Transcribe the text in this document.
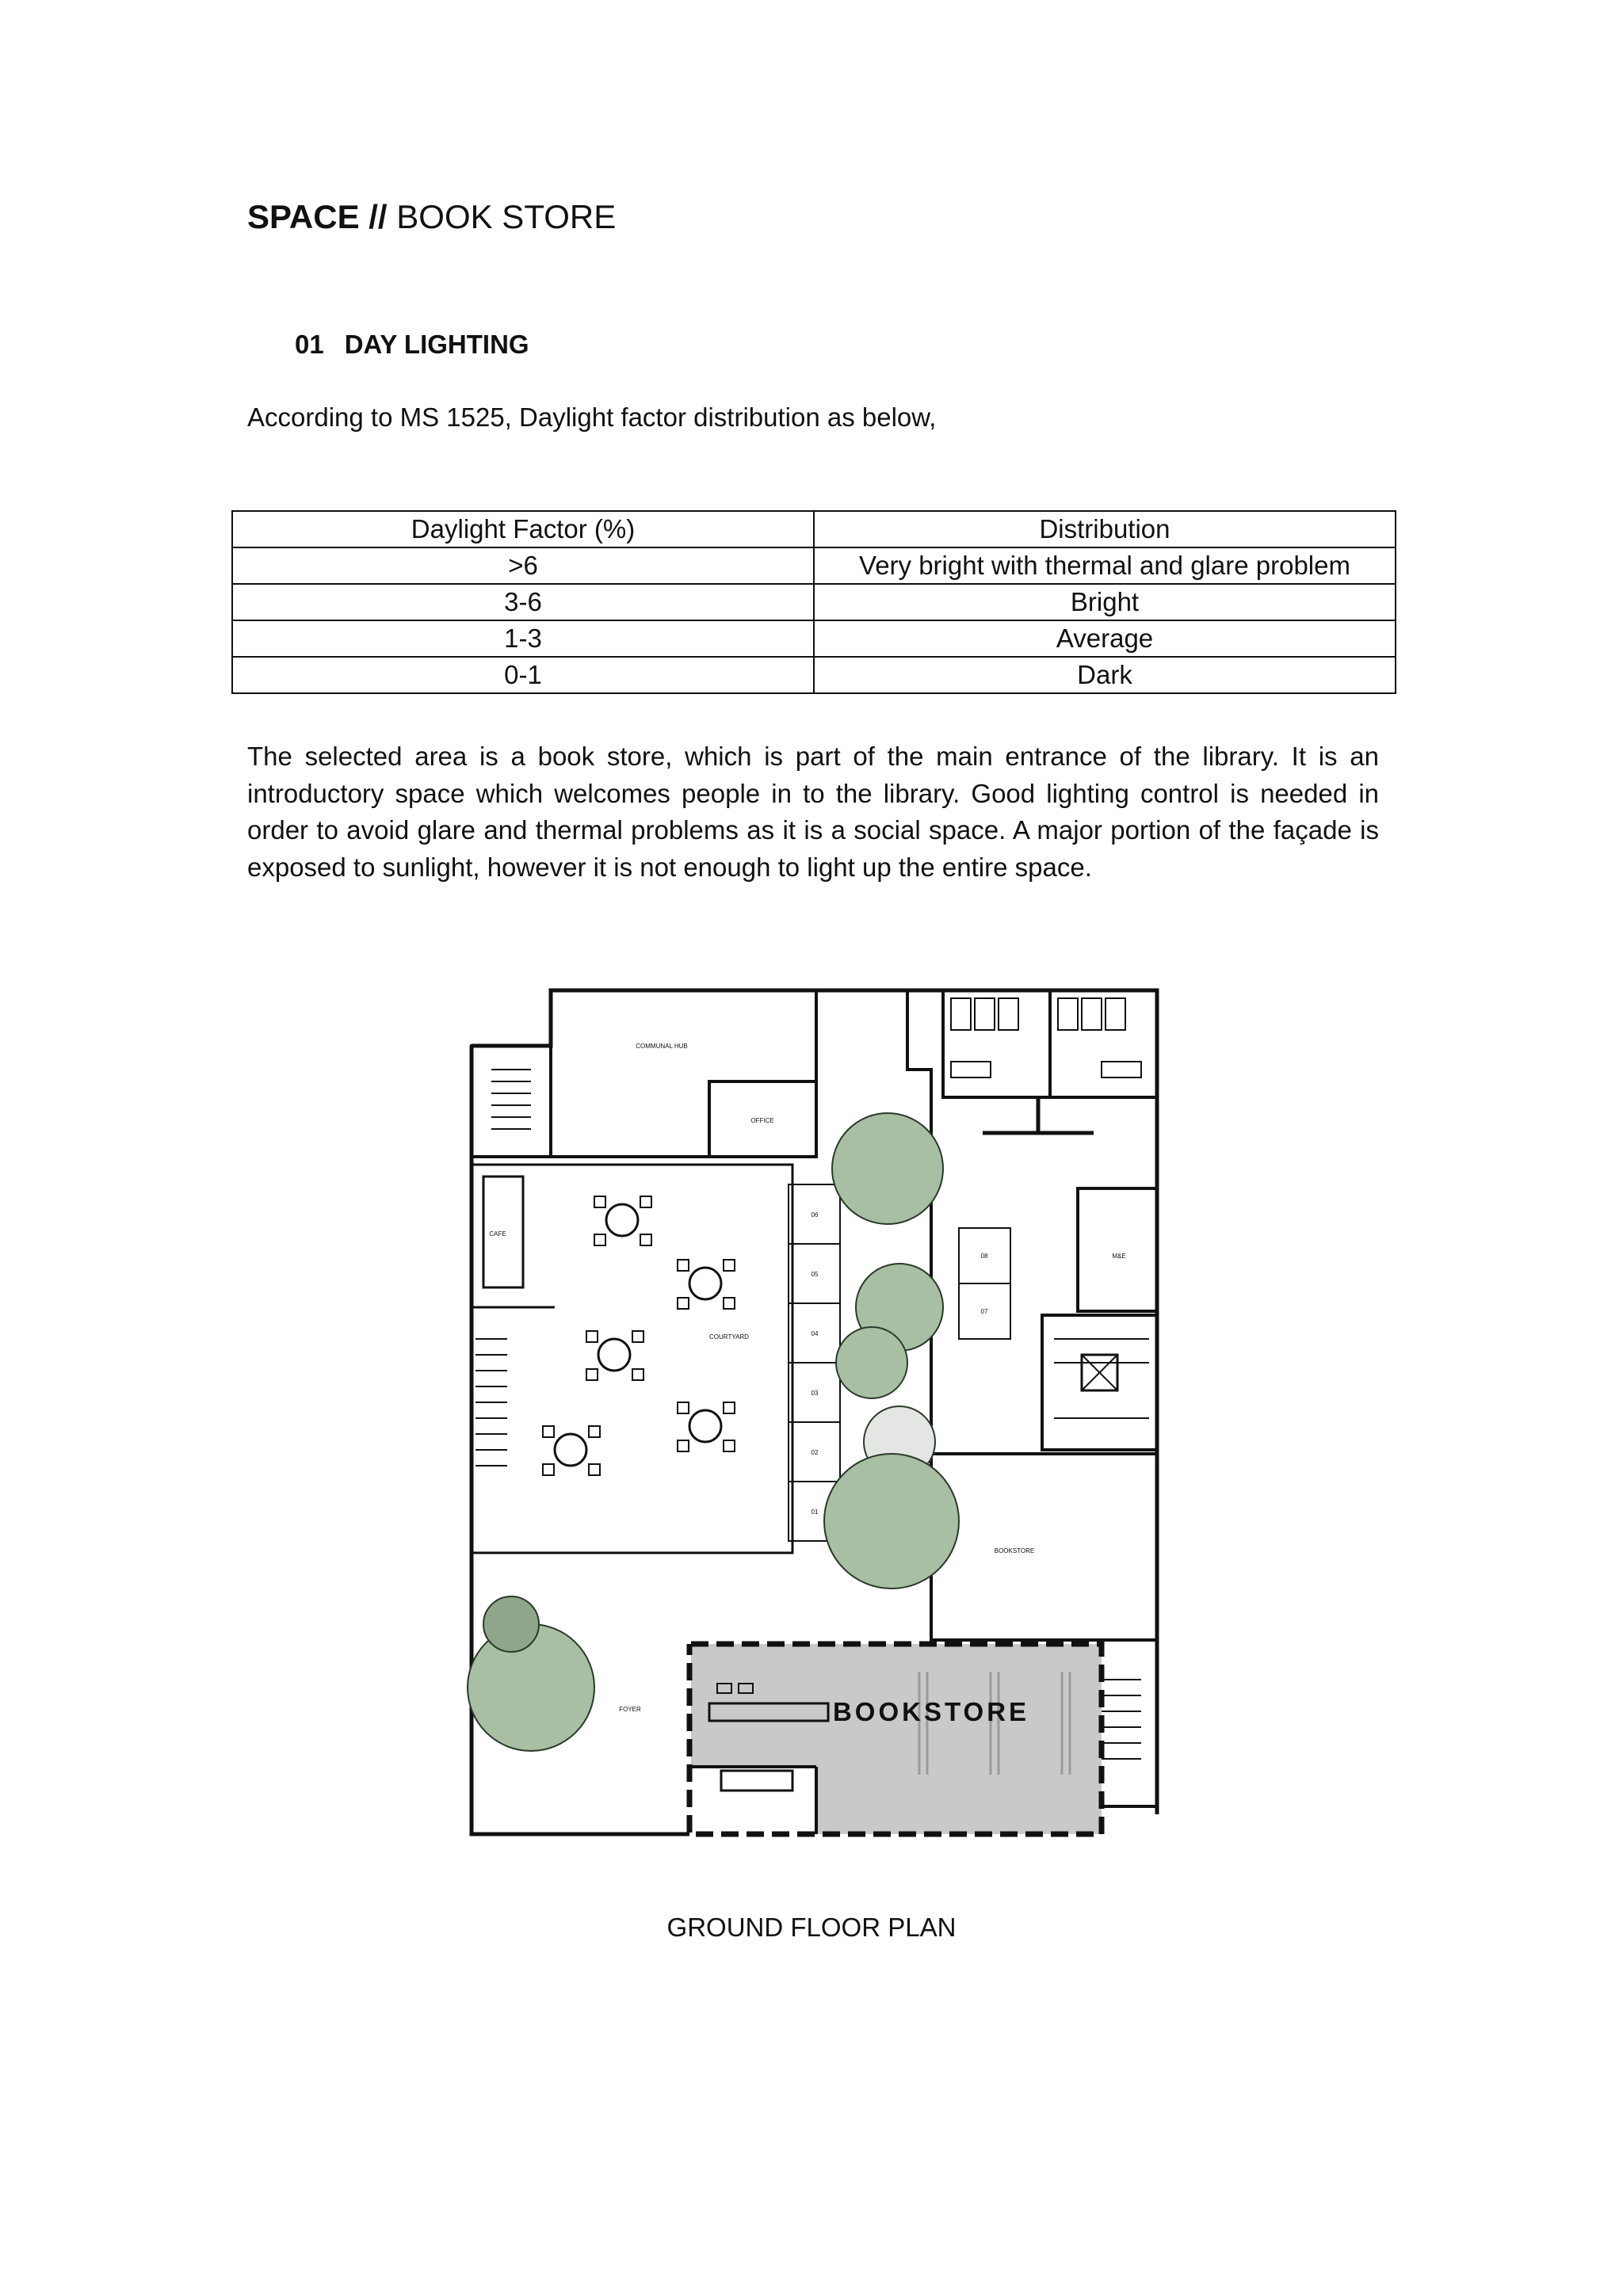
SPACE // BOOK STORE
01 DAY LIGHTING
According to MS 1525, Daylight factor distribution as below,
Daylight Factor (%)	Distribution
>6	Very bright with thermal and glare problem
3-6	Bright
1-3	Average
0-1	Dark
The selected area is a book store, which is part of the main entrance of the library. It is an introductory space which welcomes people in to the library. Good lighting control is needed in order to avoid glare and thermal problems as it is a social space. A major portion of the façade is exposed to sunlight, however it is not enough to light up the entire space.
COMMUNAL HUB
OFFICE
CAFE
COURTYARD
M&E
BOOKSTORE
FOYER
06
05
04
03
02
01
08
07
BOOKSTORE
GROUND FLOOR PLAN
